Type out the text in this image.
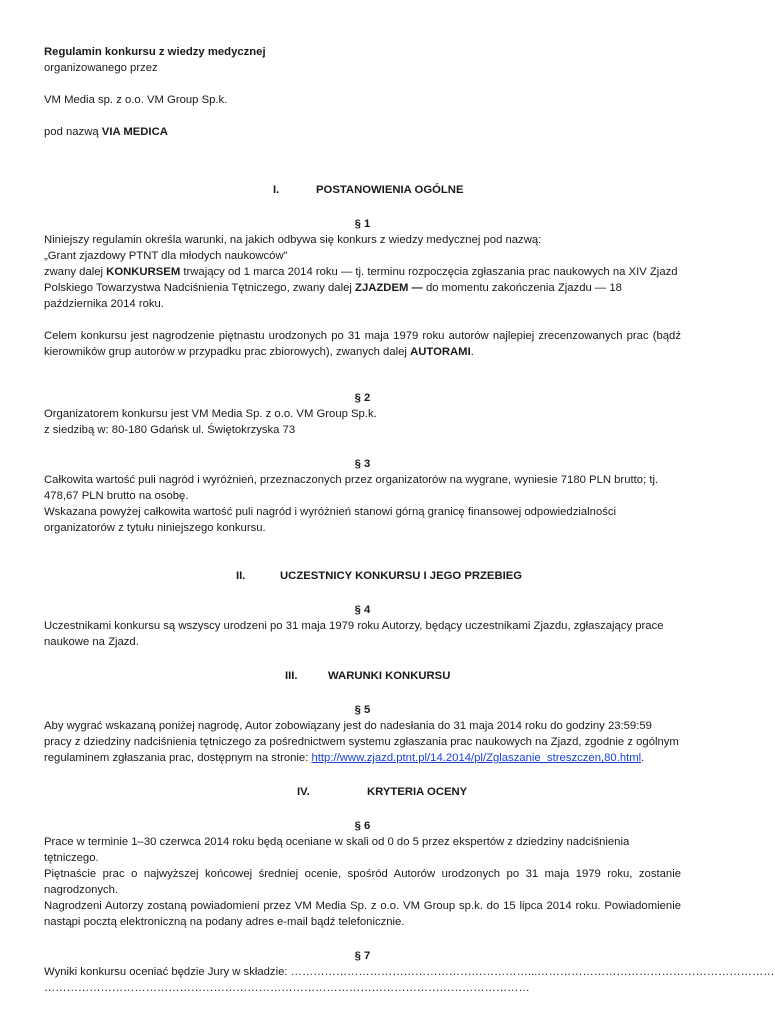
Regulamin konkursu z wiedzy medycznej

organizowanego przez

VM Media sp. z o.o. VM Group Sp.k.

pod nazwą VIA MEDICA

I.	POSTANOWIENIA OGÓLNE

§ 1

Niniejszy regulamin określa warunki, na jakich odbywa się konkurs z wiedzy medycznej pod nazwą:

„Grant zjazdowy PTNT dla młodych naukowców”

zwany dalej KONKURSEM trwający od 1 marca 2014 roku — tj. terminu rozpoczęcia zgłaszania prac naukowych na XIV Zjazd Polskiego Towarzystwa Nadciśnienia Tętniczego, zwany dalej ZJAZDEM — do momentu zakończenia Zjazdu — 18 października 2014 roku.

Celem konkursu jest nagrodzenie piętnastu urodzonych po 31 maja 1979 roku autorów najlepiej zrecenzowanych prac (bądź kierowników grup autorów w przypadku prac zbiorowych), zwanych dalej AUTORAMI.

§ 2

Organizatorem konkursu jest VM Media Sp. z o.o. VM Group Sp.k.

z siedzibą w: 80-180 Gdańsk ul. Świętokrzyska 73

§ 3

Całkowita wartość puli nagród i wyróżnień, przeznaczonych przez organizatorów na wygrane, wyniesie 7180 PLN brutto; tj. 478,67 PLN brutto na osobę.

Wskazana powyżej całkowita wartość puli nagród i wyróżnień stanowi górną granicę finansowej odpowiedzialności organizatorów z tytułu niniejszego konkursu.

II.	UCZESTNICY KONKURSU I JEGO PRZEBIEG

§ 4

Uczestnikami konkursu są wszyscy urodzeni po 31 maja 1979 roku Autorzy, będący uczestnikami Zjazdu, zgłaszający prace naukowe na Zjazd.

III.	WARUNKI KONKURSU

§ 5

Aby wygrać wskazaną poniżej nagrodę, Autor zobowiązany jest do nadesłania do 31 maja 2014 roku do godziny 23:59:59 pracy z dziedziny nadciśnienia tętniczego za pośrednictwem systemu zgłaszania prac naukowych na Zjazd, zgodnie z ogólnym regulaminem zgłaszania prac, dostępnym na stronie: http://www.zjazd.ptnt.pl/14.2014/pl/Zglaszanie_streszczen,80.html.

IV.	KRYTERIA OCENY

§ 6

Prace w terminie 1–30 czerwca 2014 roku będą oceniane w skali od 0 do 5 przez ekspertów z dziedziny nadciśnienia tętniczego.

Piętnaście prac o najwyższej końcowej średniej ocenie, spośród Autorów urodzonych po 31 maja 1979 roku, zostanie nagrodzonych.

Nagrodzeni Autorzy zostaną powiadomieni przez VM Media Sp. z o.o. VM Group sp.k. do 15 lipca 2014 roku. Powiadomienie nastąpi pocztą elektroniczną na podany adres e-mail bądź telefonicznie.

§ 7

Wyniki konkursu oceniać będzie Jury w składzie: ………………………………………………………...………………………………………………………

…………………………………………………………………………………………………………………
